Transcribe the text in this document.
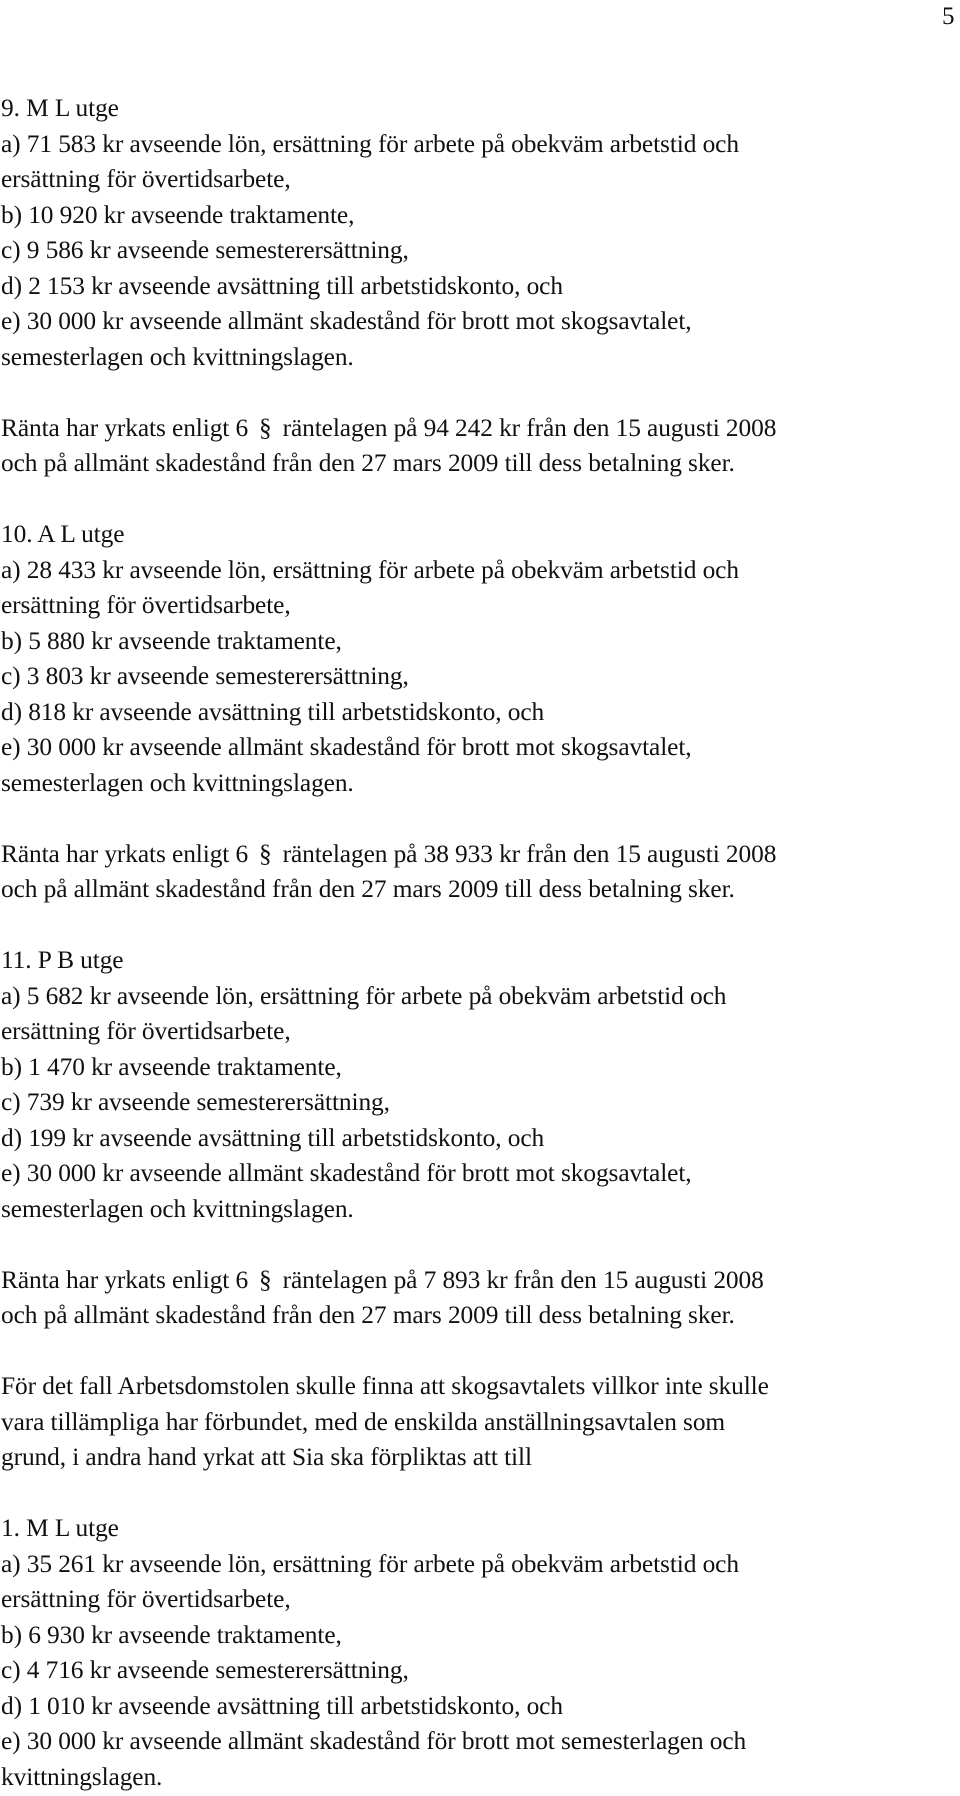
5
9. M L utge
a) 71 583 kr avseende lön, ersättning för arbete på obekväm arbetstid och
ersättning för övertidsarbete,
b) 10 920 kr avseende traktamente,
c) 9 586 kr avseende semesterersättning,
d) 2 153 kr avseende avsättning till arbetstidskonto, och
e) 30 000 kr avseende allmänt skadestånd för brott mot skogsavtalet,
semesterlagen och kvittningslagen.
Ränta har yrkats enligt 6 § räntelagen på 94 242 kr från den 15 augusti 2008
och på allmänt skadestånd från den 27 mars 2009 till dess betalning sker.
10. A L utge
a) 28 433 kr avseende lön, ersättning för arbete på obekväm arbetstid och
ersättning för övertidsarbete,
b) 5 880 kr avseende traktamente,
c) 3 803 kr avseende semesterersättning,
d) 818 kr avseende avsättning till arbetstidskonto, och
e) 30 000 kr avseende allmänt skadestånd för brott mot skogsavtalet,
semesterlagen och kvittningslagen.
Ränta har yrkats enligt 6 § räntelagen på 38 933 kr från den 15 augusti 2008
och på allmänt skadestånd från den 27 mars 2009 till dess betalning sker.
11. P B utge
a) 5 682 kr avseende lön, ersättning för arbete på obekväm arbetstid och
ersättning för övertidsarbete,
b) 1 470 kr avseende traktamente,
c) 739 kr avseende semesterersättning,
d) 199 kr avseende avsättning till arbetstidskonto, och
e) 30 000 kr avseende allmänt skadestånd för brott mot skogsavtalet,
semesterlagen och kvittningslagen.
Ränta har yrkats enligt 6 § räntelagen på 7 893 kr från den 15 augusti 2008
och på allmänt skadestånd från den 27 mars 2009 till dess betalning sker.
För det fall Arbetsdomstolen skulle finna att skogsavtalets villkor inte skulle
vara tillämpliga har förbundet, med de enskilda anställningsavtalen som
grund, i andra hand yrkat att Sia ska förpliktas att till
1. M L utge
a) 35 261 kr avseende lön, ersättning för arbete på obekväm arbetstid och
ersättning för övertidsarbete,
b) 6 930 kr avseende traktamente,
c) 4 716 kr avseende semesterersättning,
d) 1 010 kr avseende avsättning till arbetstidskonto, och
e) 30 000 kr avseende allmänt skadestånd för brott mot semesterlagen och
kvittningslagen.
